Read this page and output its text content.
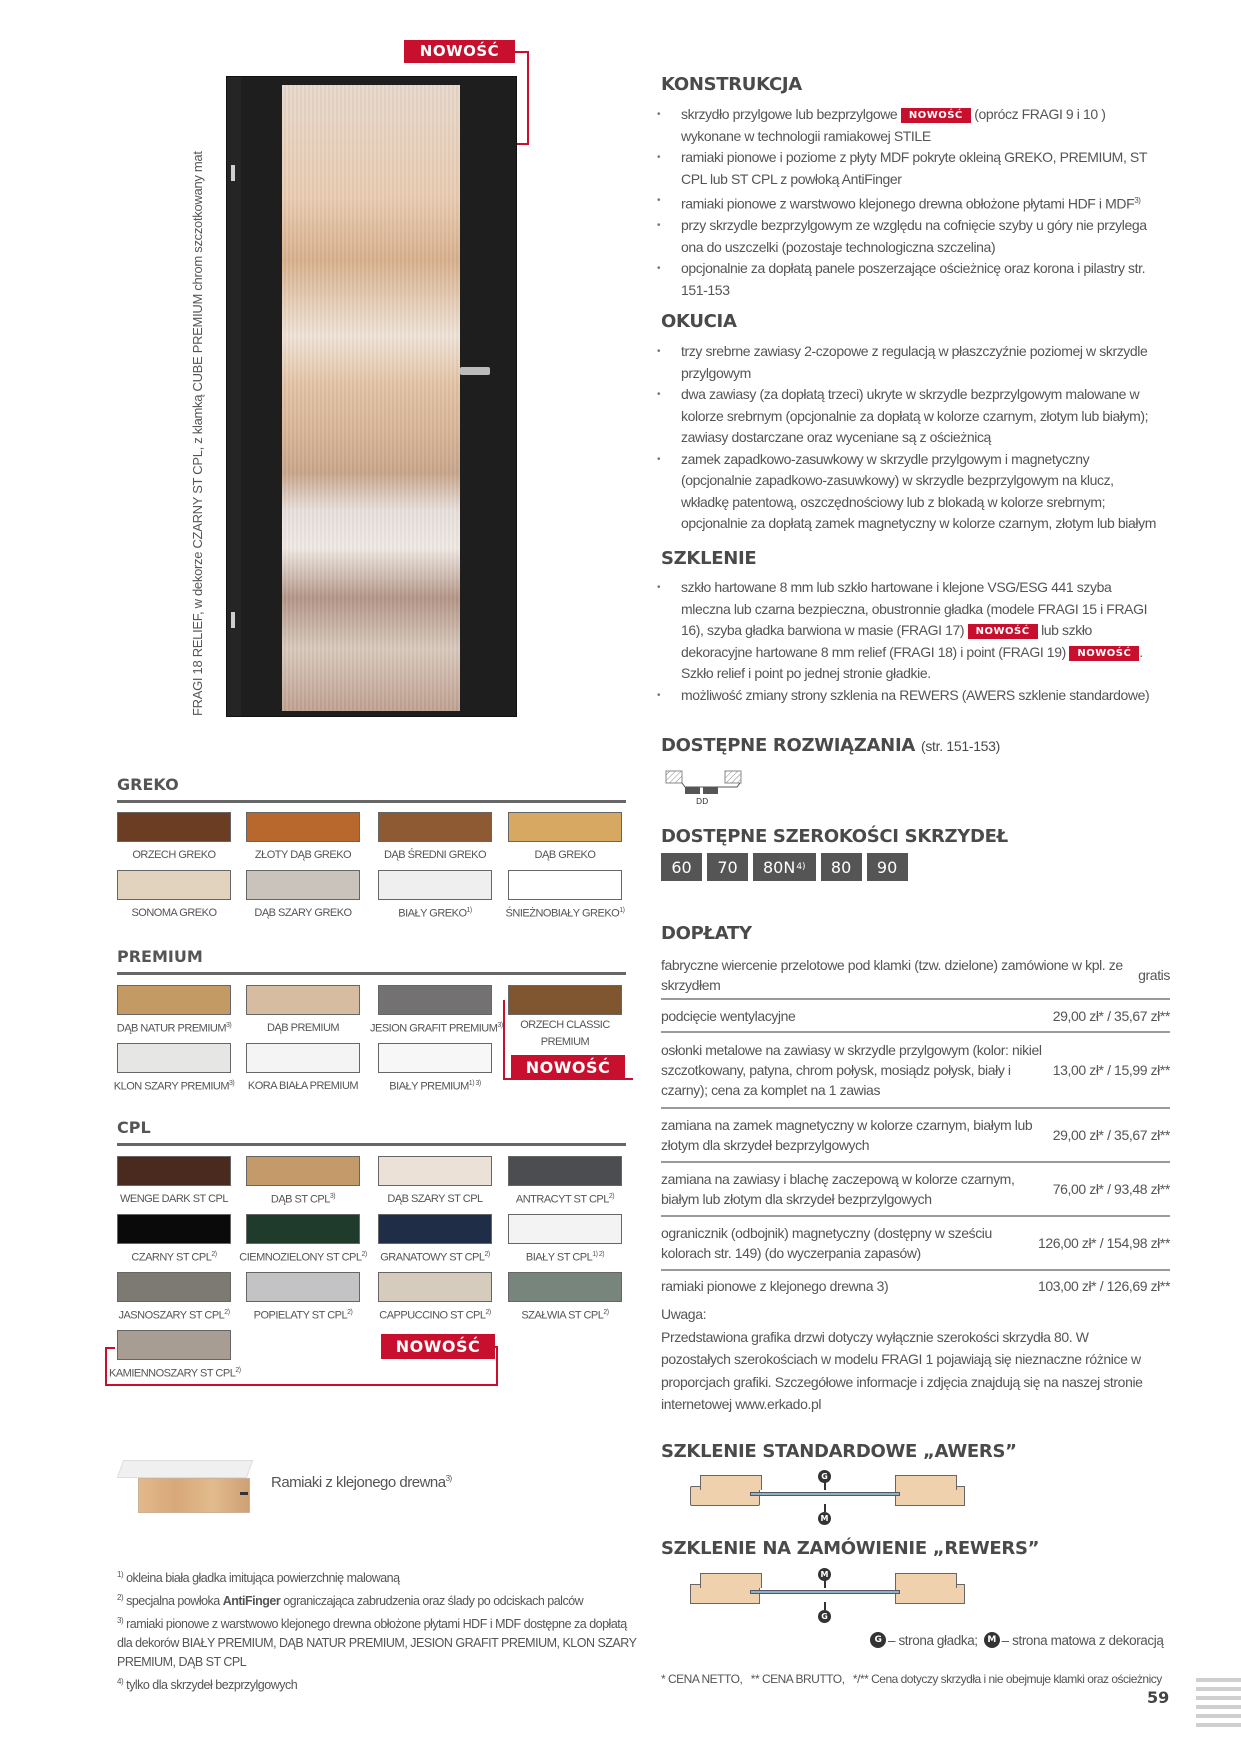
NOWOŚĆ
FRAGI 18 RELIEF, w dekorze CZARNY ST CPL, z klamką CUBE PREMIUM chrom szczotkowany mat
KONSTRUKCJA
• skrzydło przylgowe lub bezprzylgowe NOWOŚĆ (oprócz FRAGI 9 i 10 ) wykonane w technologii ramiakowej STILE
• ramiaki pionowe i poziome z płyty MDF pokryte okleiną GREKO, PREMIUM, ST CPL lub ST CPL z powłoką AntiFinger
• ramiaki pionowe z warstwowo klejonego drewna obłożone płytami HDF i MDF$^{3)}$
• przy skrzydle bezprzylgowym ze względu na cofnięcie szyby u góry nie przylega ona do uszczelki (pozostaje technologiczna szczelina)
• opcjonalnie za dopłatą panele poszerzające ościeżnicę oraz korona i pilastry str. 151-153
OKUCIA
• trzy srebrne zawiasy 2-czopowe z regulacją w płaszczyźnie poziomej w skrzydle przylgowym
• dwa zawiasy (za dopłatą trzeci) ukryte w skrzydle bezprzylgowym malowane w kolorze srebrnym (opcjonalnie za dopłatą w kolorze czarnym, złotym lub białym); zawiasy dostarczane oraz wyceniane są z ościeżnicą
• zamek zapadkowo-zasuwkowy w skrzydle przylgowym i magnetyczny (opcjonalnie zapadkowo-zasuwkowy) w skrzydle bezprzylgowym na klucz, wkładkę patentową, oszczędnościowy lub z blokadą w kolorze srebrnym; opcjonalnie za dopłatą zamek magnetyczny w kolorze czarnym, złotym lub białym
SZKLENIE
• szkło hartowane 8 mm lub szkło hartowane i klejone VSG/ESG 441 szyba mleczna lub czarna bezpieczna, obustronnie gładka (modele FRAGI 15 i FRAGI 16), szyba gładka barwiona w masie (FRAGI 17) NOWOŚĆ lub szkło dekoracyjne hartowane 8 mm relief (FRAGI 18) i point (FRAGI 19) NOWOŚĆ . Szkło relief i point po jednej stronie gładkie.
• możliwość zmiany strony szklenia na REWERS (AWERS szklenie standardowe)
DOSTĘPNE ROZWIĄZANIA (str. 151-153)
DD
DOSTĘPNE SZEROKOŚCI SKRZYDEŁ
60 70 80N 4) 80 90
DOPŁATY
fabryczne wiercenie przelotowe pod klamki (tzw. dzielone) zamówione w kpl. ze skrzydłem
gratis
podcięcie wentylacyjne	29,00 zł* / 35,67 zł**
osłonki metalowe na zawiasy w skrzydle przylgowym (kolor: nikiel szczotkowany, patyna, chrom połysk, mosiądz połysk, biały i czarny); cena za komplet na 1 zawias
13,00 zł* / 15,99 zł**
zamiana na zamek magnetyczny w kolorze czarnym, białym lub złotym dla skrzydeł bezprzylgowych
29,00 zł* / 35,67 zł**
zamiana na zawiasy i blachę zaczepową w kolorze czarnym, białym lub złotym dla skrzydeł bezprzylgowych
76,00 zł* / 93,48 zł**
ogranicznik (odbojnik) magnetyczny (dostępny w sześciu kolorach str. 149) (do wyczerpania zapasów)
126,00 zł* / 154,98 zł**
ramiaki pionowe z klejonego drewna 3)	103,00 zł* / 126,69 zł**
Uwaga:
Przedstawiona grafika drzwi dotyczy wyłącznie szerokości skrzydła 80. W pozostałych szerokościach w modelu FRAGI 1 pojawiają się nieznaczne różnice w proporcjach grafiki. Szczegółowe informacje i zdjęcia znajdują się na naszej stronie internetowej www.erkado.pl
SZKLENIE STANDARDOWE „AWERS”
G
M
SZKLENIE NA ZAMÓWIENIE „REWERS”
M
G
G – strona gładka;	M – strona matowa z dekoracją
* CENA NETTO,   ** CENA BRUTTO,   */** Cena dotyczy skrzydła i nie obejmuje klamki oraz ościeżnicy
59
GREKO
ORZECH GREKO	ZŁOTY DĄB GREKO	DĄB ŚREDNI GREKO	DĄB GREKO
SONOMA GREKO	DĄB SZARY GREKO	BIAŁY GREKO$^{1)}$	ŚNIEŻNOBIAŁY GREKO$^{1)}$
PREMIUM
DĄB NATUR PREMIUM$^{3)}$	DĄB PREMIUM	JESION GRAFIT PREMIUM$^{3)}$	ORZECH CLASSIC PREMIUM
KLON SZARY PREMIUM$^{3)}$	KORA BIAŁA PREMIUM	BIAŁY $PREMIUM^{1) 3)}$
NOWOŚĆ
CPL
WENGE DARK ST CPL	DĄB ST CPL$^{3)}$	DĄB SZARY ST CPL	ANTRACYT ST CPL$^{2)}$
CZARNY ST CPL$^{2)}$	CIEMNOZIELONY ST CPL$^{2)}$	GRANATOWY ST CPL$^{2)}$	BIAŁY ST $CPL^{1) 2)}$
JASNOSZARY ST CPL$^{2)}$	POPIELATY ST CPL$^{2)}$	CAPPUCCINO ST CPL$^{2)}$	SZAŁWIA ST CPL$^{2)}$
KAMIENNOSZARY ST CPL$^{2)}$
NOWOŚĆ
Ramiaki z klejonego drewna$^{3)}$
$^{1)}$ okleina biała gładka imitująca powierzchnię malowaną
$^{2)}$ specjalna powłoka AntiFinger ograniczająca zabrudzenia oraz ślady po odciskach palców
$^{3)}$ ramiaki pionowe z warstwowo klejonego drewna obłożone płytami HDF i MDF dostępne za dopłatą dla dekorów BIAŁY PREMIUM, DĄB NATUR PREMIUM, JESION GRAFIT PREMIUM, KLON SZARY PREMIUM, DĄB ST CPL
$^{4)}$ tylko dla skrzydeł bezprzylgowych
